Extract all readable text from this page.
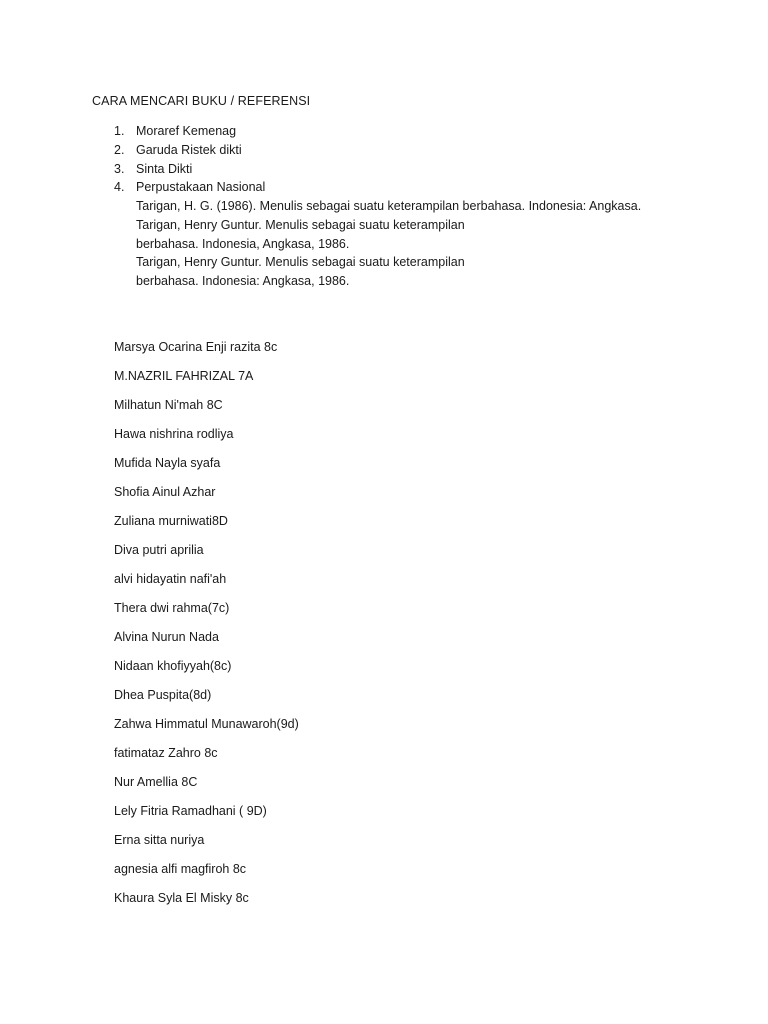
CARA MENCARI BUKU / REFERENSI
1. Moraref Kemenag
2. Garuda Ristek dikti
3. Sinta Dikti
4. Perpustakaan Nasional
Tarigan, H. G. (1986). Menulis sebagai suatu keterampilan berbahasa. Indonesia: Angkasa.
Tarigan, Henry Guntur. Menulis sebagai suatu keterampilan
berbahasa. Indonesia, Angkasa, 1986.
Tarigan, Henry Guntur. Menulis sebagai suatu keterampilan
berbahasa. Indonesia: Angkasa, 1986.
Marsya Ocarina Enji razita 8c
M.NAZRIL FAHRIZAL 7A
Milhatun Ni'mah 8C
Hawa nishrina rodliya
Mufida Nayla syafa
Shofia Ainul Azhar
Zuliana murniwati8D
Diva putri aprilia
alvi hidayatin nafi'ah
Thera dwi rahma(7c)
Alvina Nurun Nada
Nidaan khofiyyah(8c)
Dhea Puspita(8d)
Zahwa Himmatul Munawaroh(9d)
fatimataz Zahro 8c
Nur Amellia 8C
Lely Fitria Ramadhani ( 9D)
Erna sitta nuriya
agnesia alfi magfiroh 8c
Khaura Syla El Misky 8c
